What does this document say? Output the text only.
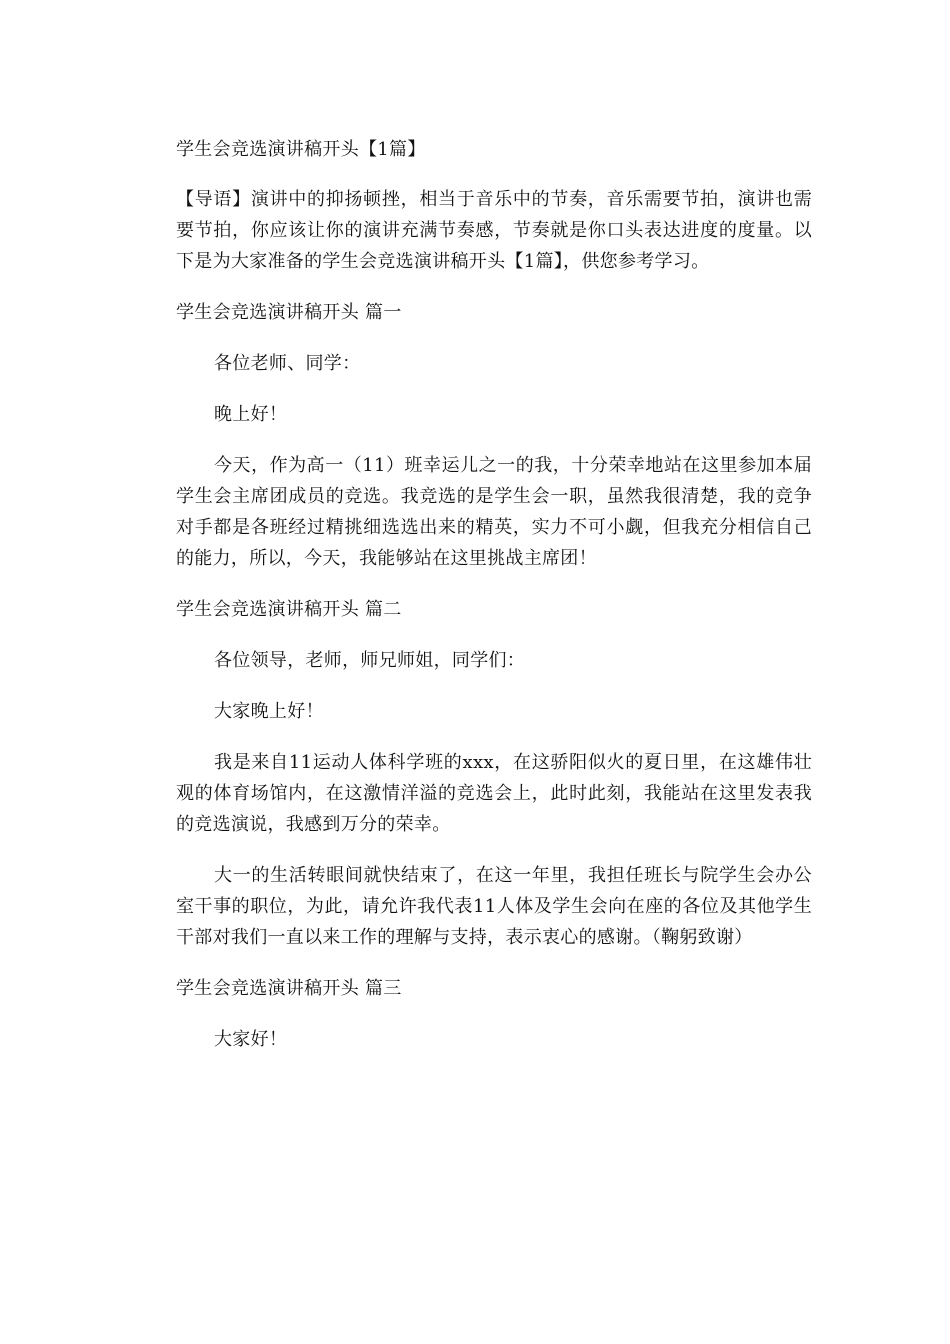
学生会竞选演讲稿开头【1篇】

【导语】演讲中的抑扬顿挫，相当于音乐中的节奏，音乐需要节拍，演讲也需要节拍，你应该让你的演讲充满节奏感，节奏就是你口头表达进度的度量。以下是为大家准备的学生会竞选演讲稿开头【1篇】，供您参考学习。

学生会竞选演讲稿开头 篇一

各位老师、同学：

晚上好！

今天，作为高一（11）班幸运儿之一的我，十分荣幸地站在这里参加本届学生会主席团成员的竞选。我竞选的是学生会一职，虽然我很清楚，我的竞争对手都是各班经过精挑细选选出来的精英，实力不可小觑，但我充分相信自己的能力，所以，今天，我能够站在这里挑战主席团！

学生会竞选演讲稿开头 篇二

各位领导，老师，师兄师姐，同学们：

大家晚上好！

我是来自11运动人体科学班的xxx，在这骄阳似火的夏日里，在这雄伟壮观的体育场馆内，在这激情洋溢的竞选会上，此时此刻，我能站在这里发表我的竞选演说，我感到万分的荣幸。

大一的生活转眼间就快结束了，在这一年里，我担任班长与院学生会办公室干事的职位，为此，请允许我代表11人体及学生会向在座的各位及其他学生干部对我们一直以来工作的理解与支持，表示衷心的感谢。（鞠躬致谢）

学生会竞选演讲稿开头 篇三

大家好！
